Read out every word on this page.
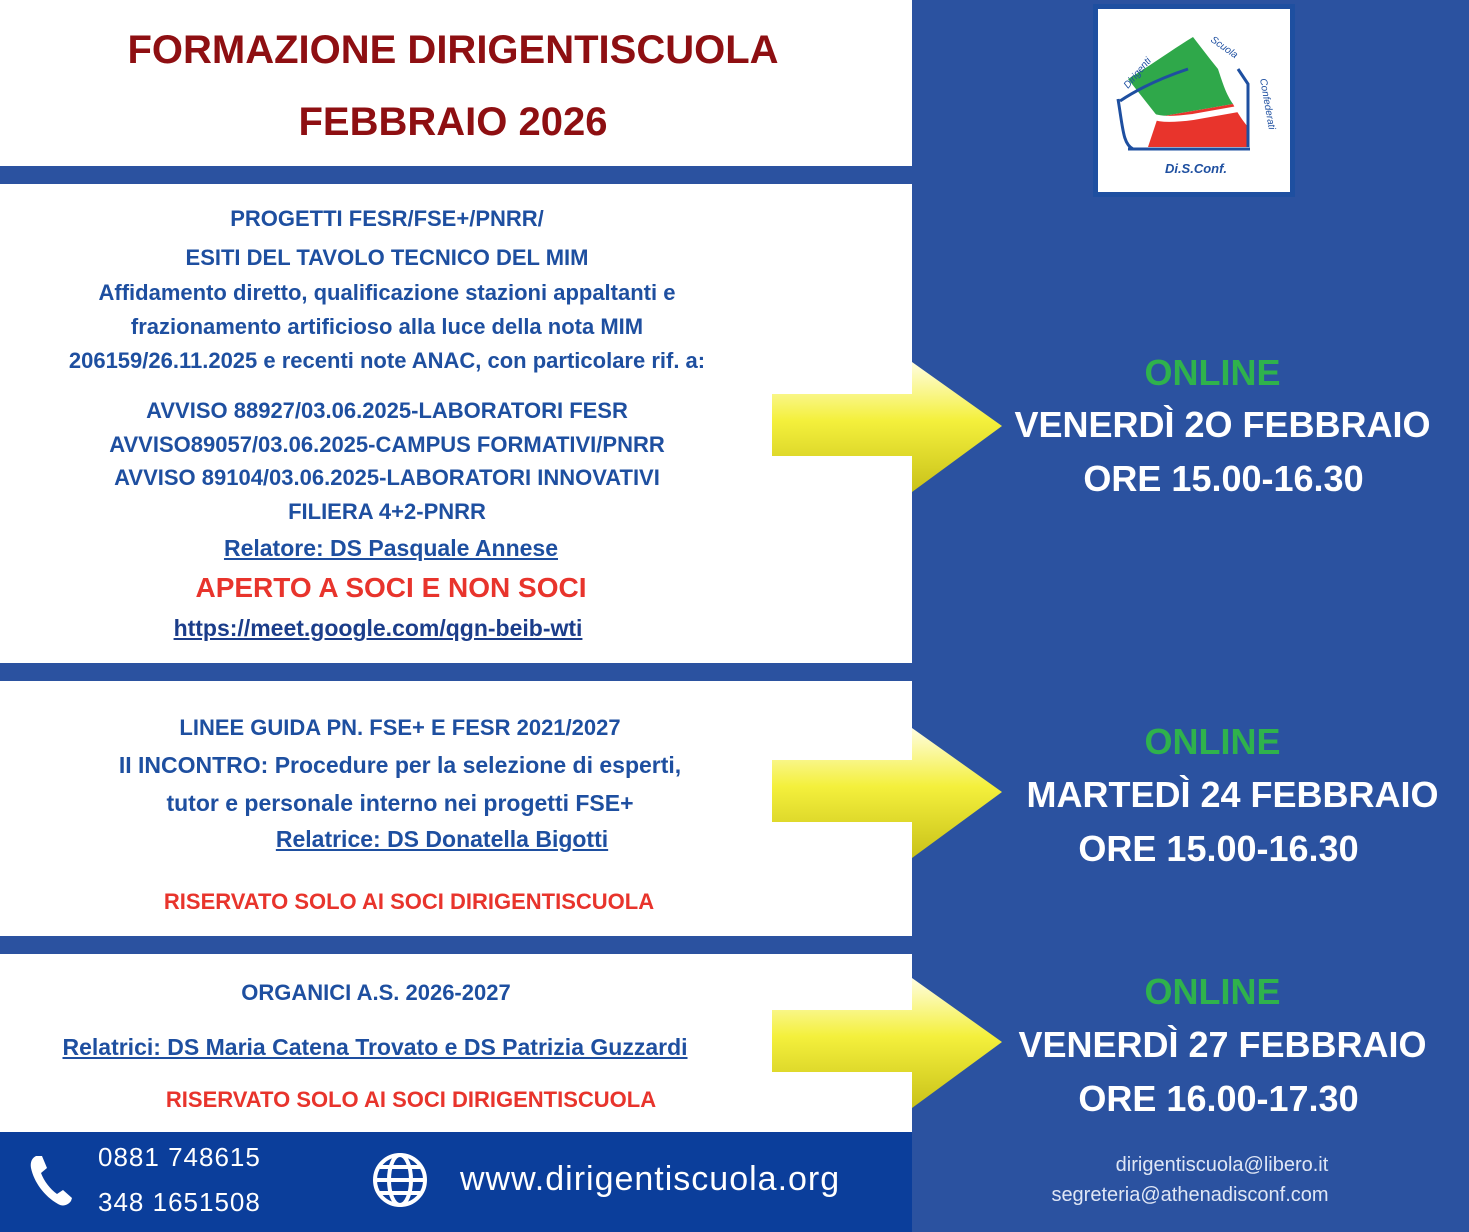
FORMAZIONE DIRIGENTISCUOLA
FEBBRAIO 2026
PROGETTI FESR/FSE+/PNRR/
ESITI DEL TAVOLO TECNICO DEL MIM
Affidamento diretto, qualificazione stazioni appaltanti e
frazionamento artificioso alla luce della nota MIM
206159/26.11.2025 e recenti note ANAC, con particolare rif. a:
AVVISO 88927/03.06.2025-LABORATORI FESR
AVVISO89057/03.06.2025-CAMPUS FORMATIVI/PNRR
AVVISO 89104/03.06.2025-LABORATORI INNOVATIVI
FILIERA 4+2-PNRR
Relatore: DS Pasquale Annese
APERTO A SOCI E NON SOCI
https://meet.google.com/qgn-beib-wti
LINEE GUIDA PN. FSE+ E FESR 2021/2027
II INCONTRO: Procedure per la selezione di esperti,
tutor e personale interno nei progetti FSE+
Relatrice: DS Donatella Bigotti
RISERVATO SOLO AI SOCI DIRIGENTISCUOLA
ORGANICI A.S. 2026-2027
Relatrici: DS Maria Catena Trovato e DS Patrizia Guzzardi
RISERVATO SOLO AI SOCI DIRIGENTISCUOLA
ONLINE
VENERDÌ 2O FEBBRAIO
ORE 15.00-16.30
ONLINE
MARTEDÌ 24 FEBBRAIO
ORE 15.00-16.30
ONLINE
VENERDÌ 27 FEBBRAIO
ORE 16.00-17.30
Di.S.Conf.
Dirigenti
Scuola
Confederati
0881 748615
348 1651508
www.dirigentiscuola.org	dirigentiscuola@libero.it
segreteria@athenadisconf.com
